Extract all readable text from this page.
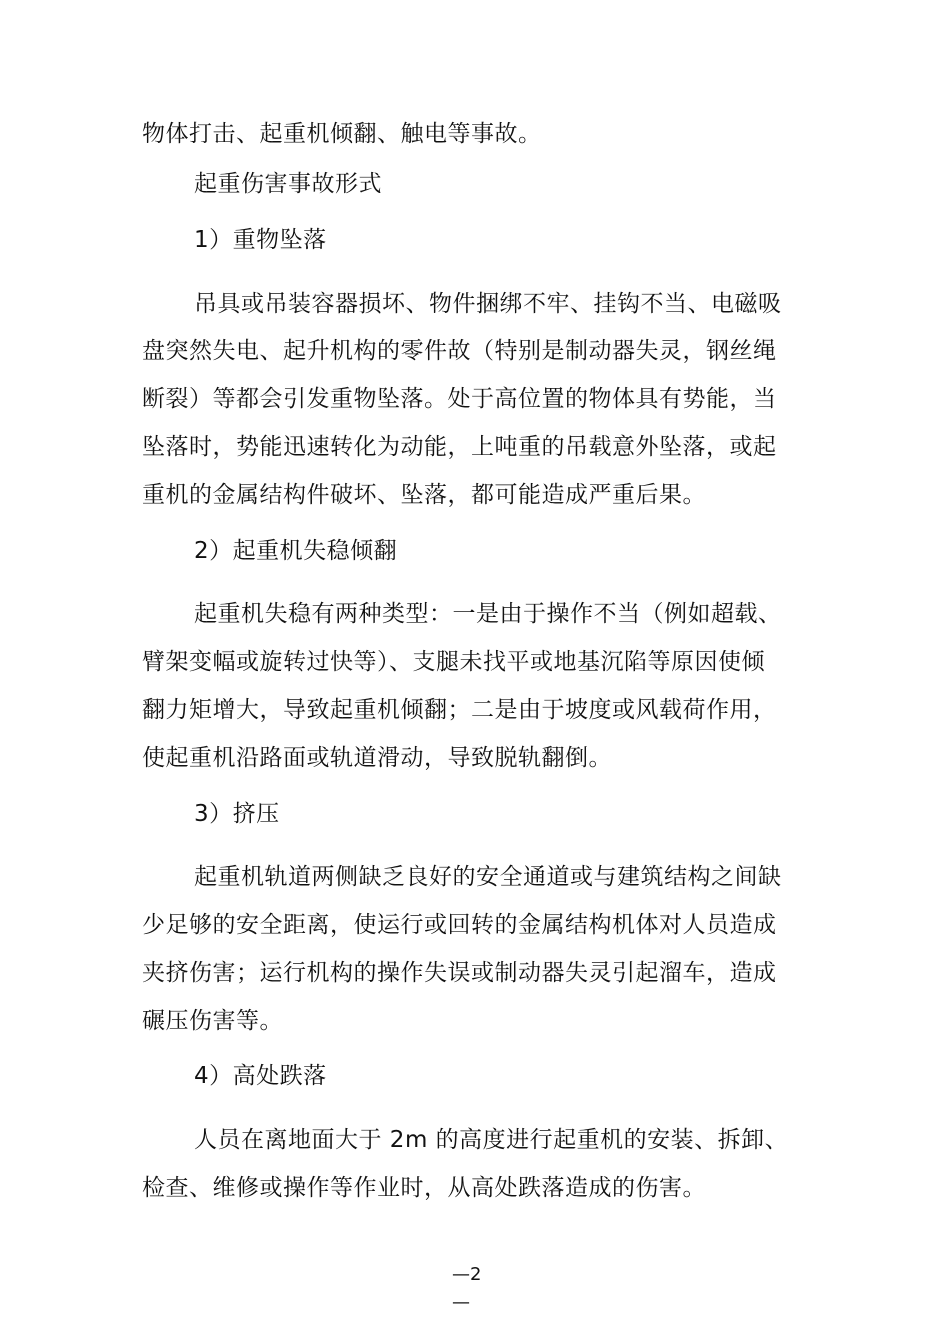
物体打击、起重机倾翻、触电等事故。
起重伤害事故形式
1）重物坠落
吊具或吊装容器损坏、物件捆绑不牢、挂钩不当、电磁吸
盘突然失电、起升机构的零件故（特别是制动器失灵，钢丝绳
断裂）等都会引发重物坠落。处于高位置的物体具有势能，当
坠落时，势能迅速转化为动能，上吨重的吊载意外坠落，或起
重机的金属结构件破坏、坠落，都可能造成严重后果。
2）起重机失稳倾翻
起重机失稳有两种类型：一是由于操作不当（例如超载、
臂架变幅或旋转过快等）、支腿未找平或地基沉陷等原因使倾
翻力矩增大，导致起重机倾翻；二是由于坡度或风载荷作用，
使起重机沿路面或轨道滑动，导致脱轨翻倒。
3）挤压
起重机轨道两侧缺乏良好的安全通道或与建筑结构之间缺
少足够的安全距离，使运行或回转的金属结构机体对人员造成
夹挤伤害；运行机构的操作失误或制动器失灵引起溜车，造成
碾压伤害等。
4）高处跌落
人员在离地面大于 2m 的高度进行起重机的安装、拆卸、
检查、维修或操作等作业时，从高处跌落造成的伤害。
—2
—
